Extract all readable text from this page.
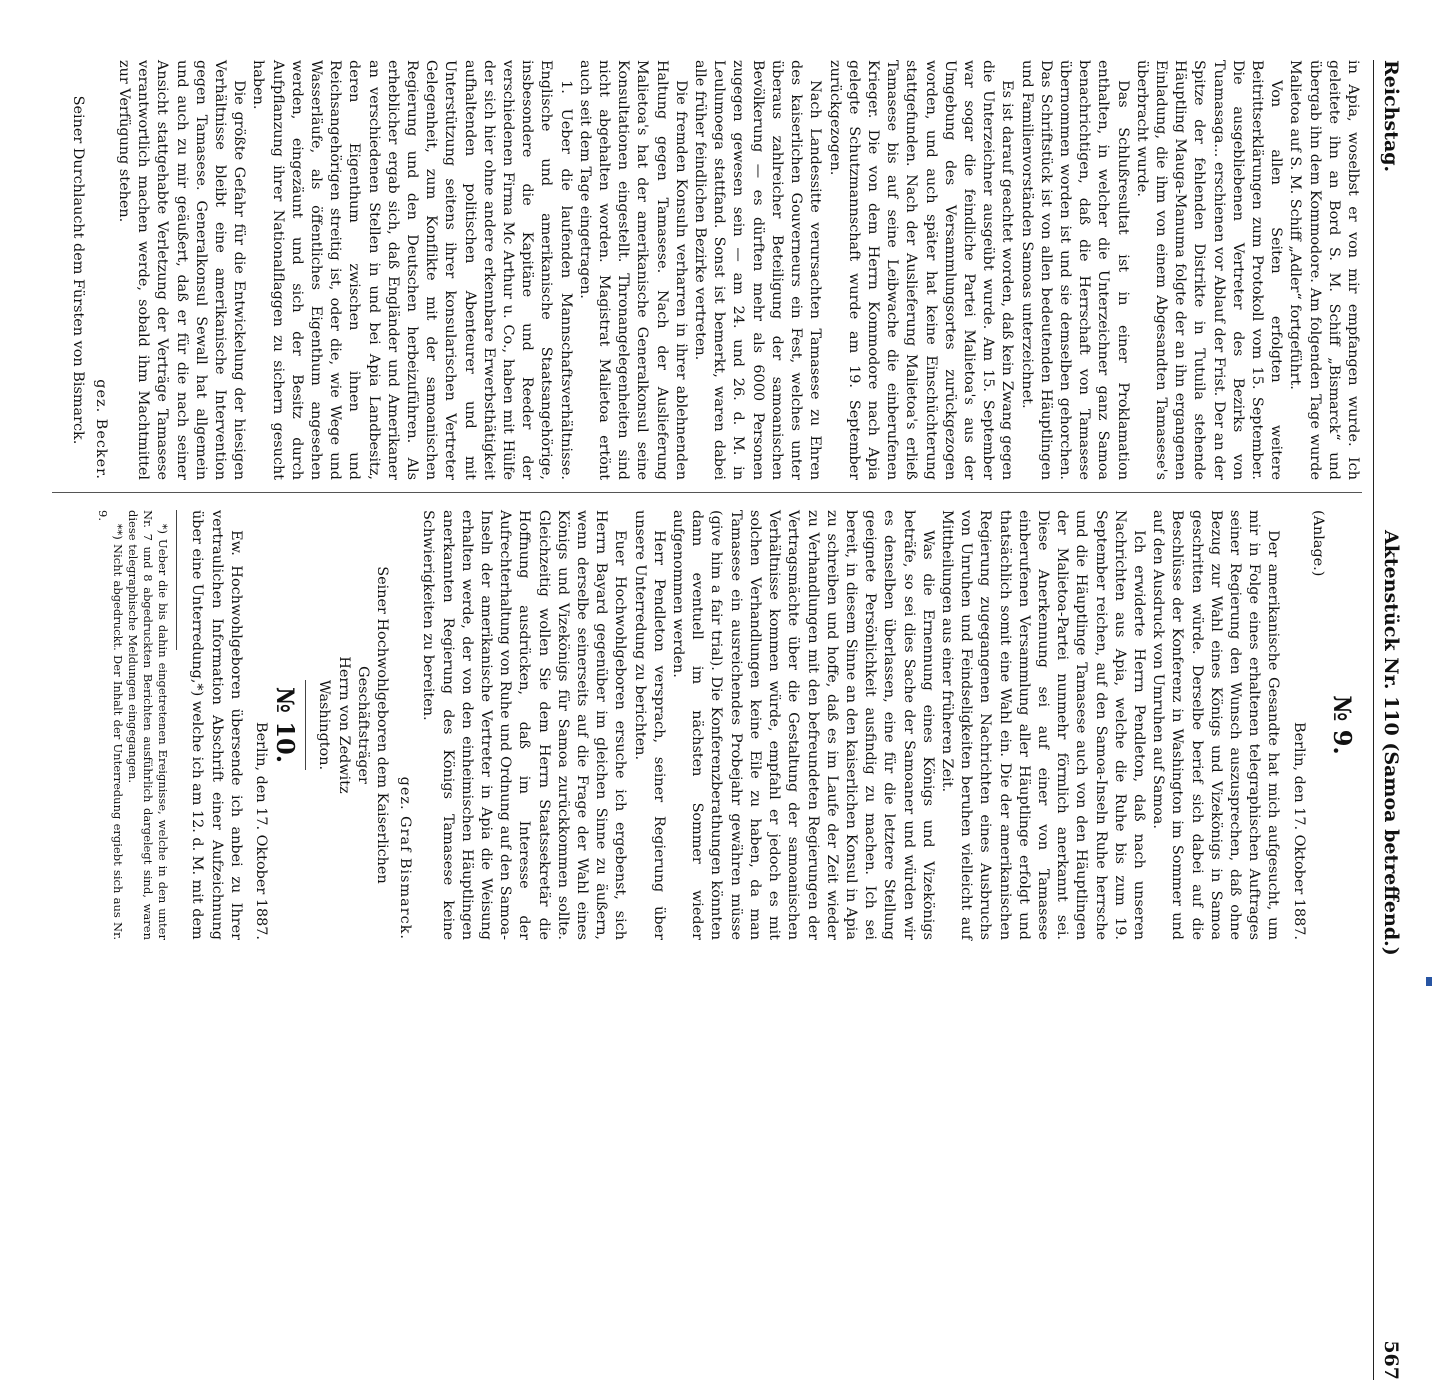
Reichstag.
Aktenstück Nr. 110 (Samoa betreffend.)
567

in Apia, woselbst er von mir empfangen wurde. Ich geleitete ihn an Bord S. M. Schiff „Bismarck“ und übergab ihn dem Kommodore. Am folgenden Tage wurde Malietoa auf S. M. Schiff „Adler“ fortgeführt.

Von allen Seiten erfolgten weitere Beitrittserklärungen zum Protokoll vom 15. September. Die ausgebliebenen Vertreter des Bezirks von Tuamasaga... erschienen vor Ablauf der Frist. Der an der Spitze der fehlenden Distrikte in Tutuila stehende Häuptling Mauga-Manuma folgte der an ihn ergangenen Einladung, die ihm von einem Abgesandten Tamasese's überbracht wurde.

Das Schlußresultat ist in einer Proklamation enthalten, in welcher die Unterzeichner ganz Samoa benachrichtigen, daß die Herrschaft von Tamasese übernommen worden ist und sie demselben gehorchen. Das Schriftstück ist von allen bedeutenden Häuptlingen und Familienvorständen Samoas unterzeichnet.

Es ist darauf geachtet worden, daß kein Zwang gegen die Unterzeichner ausgeübt wurde. Am 15. September war sogar die feindliche Partei Malietoa's aus der Umgebung des Versammlungsortes zurückgezogen worden, und auch später hat keine Einschüchterung stattgefunden. Nach der Auslieferung Malietoa's erließ Tamasese bis auf seine Leibwache die einberufenen Krieger. Die von dem Herrn Kommodore nach Apia gelegte Schutzmannschaft wurde am 19. September zurückgezogen.

Nach Landessitte verursachten Tamasese zu Ehren des kaiserlichen Gouverneurs ein Fest, welches unter überaus zahlreicher Beteiligung der samoanischen Bevölkerung — es dürften mehr als 6000 Personen zugegen gewesen sein — am 24. und 26. d. M. in Leulumoega stattfand. Sonst ist bemerkt, waren dabei alle früher feindlichen Bezirke vertreten.

Die fremden Konsuln verharren in ihrer ablehnenden Haltung gegen Tamasese. Nach der Auslieferung Malietoa's hat der amerikanische Generalkonsul seine Konsultationen eingestellt. Thronangelegenheiten sind nicht abgehalten worden. Magistrat Malietoa ertönt auch seit dem Tage eingetragen.

1. Ueber die laufenden Mannschaftsverhältnisse. Englische und amerikanische Staatsangehörige, insbesondere die Kapitäne und Reeder der verschiedenen Firma Mc Arthur u. Co., haben mit Hülfe der sich hier ohne andere erkennbare Erwerbsthätigkeit aufhaltenden politischen Abenteurer und mit Unterstützung seitens ihrer konsularischen Vertreter Gelegenheit, zum Konflikte mit der samoanischen Regierung und den Deutschen herbeizuführen. Als erheblicher ergab sich, daß Engländer und Amerikaner an verschiedenen Stellen in und bei Apia Landbesitz, deren Eigenthum zwischen ihnen und Reichsangehörigen streitig ist, oder die, wie Wege und Wasserläufe, als öffentliches Eigenthum angesehen werden, eingezäunt und sich der Besitz durch Aufpflanzung ihrer Nationalflaggen zu sichern gesucht haben.

Die größte Gefahr für die Entwickelung der hiesigen Verhältnisse bleibt eine amerikanische Intervention gegen Tamasese. Generalkonsul Sewall hat allgemein und auch zu mir geäußert, daß er für die nach seiner Ansicht stattgehabte Verletzung der Verträge Tamasese verantwortlich machen werde, sobald ihm Machtmittel zur Verfügung stehen.

gez. Becker.

Seiner Durchlaucht dem Fürsten von Bismarck.

№ 9.

(Anlage.)

Berlin, den 17. Oktober 1887.

Der amerikanische Gesandte hat mich aufgesucht, um mir in Folge eines erhaltenen telegraphischen Auftrages seiner Regierung den Wunsch auszusprechen, daß ohne Bezug zur Wahl eines Königs und Vizekönigs in Samoa geschritten würde. Derselbe berief sich dabei auf die Beschlüsse der Konferenz in Washington im Sommer und auf den Ausdruck von Umruhen auf Samoa.

Ich erwiderte Herrn Pendleton, daß nach unseren Nachrichten aus Apia, welche die Ruhe bis zum 19. September reichen, auf den Samoa-Inseln Ruhe herrsche und die Häuptlinge Tamasese auch von den Häuptlingen der Malietoa-Partei nunmehr förmlich anerkannt sei. Diese Anerkennung sei auf einer von Tamasese einberufenen Versammlung aller Häuptlinge erfolgt und thatsächlich somit eine Wahl ein. Die der amerikanischen Regierung zugegangenen Nachrichten eines Ausbruchs von Unruhen und Feindseligkeiten beruhen vielleicht auf Mittheilungen aus einer früheren Zeit.

Was die Ernennung eines Königs und Vizekönigs beträfe, so sei dies Sache der Samoaner und würden wir es denselben überlassen, eine für die letztere Stellung geeignete Persönlichkeit ausfindig zu machen. Ich sei bereit, in diesem Sinne an den kaiserlichen Konsul in Apia zu schreiben und hoffe, daß es im Laufe der Zeit wieder zu Verhandlungen mit den befreundeten Regierungen der Vertragsmächte über die Gestaltung der samoanischen Verhältnisse kommen würde, empfahl er jedoch es mit solchen Verhandlungen keine Eile zu haben, da man Tamasese ein ausreichendes Probejahr gewähren müsse (give him a fair trial). Die Konferenzberathungen könnten dann eventuell im nächsten Sommer wieder aufgenommen werden.

Herr Pendleton versprach, seiner Regierung über unsere Unterredung zu berichten.

Euer Hochwohlgeboren ersuche ich ergebenst, sich Herrn Bayard gegenüber im gleichen Sinne zu äußern, wenn derselbe seinerseits auf die Frage der Wahl eines Königs und Vizekönigs für Samoa zurückkommen sollte. Gleichzeitig wollen Sie dem Herrn Staatssekretär die Hoffnung ausdrücken, daß im Interesse der Aufrechterhaltung von Ruhe und Ordnung auf den Samoa-Inseln der amerikanische Vertreter in Apia die Weisung erhalten werde, der von den einheimischen Häuptlingen anerkannten Regierung des Königs Tamasese keine Schwierigkeiten zu bereiten.

gez. Graf Bismarck.

Seiner Hochwohlgeboren dem Kaiserlichen Geschäftsträger

Herrn von Zedwitz

Washington.

№ 10.
Berlin, den 17. Oktober 1887.

Ew. Hochwohlgeboren übersende ich anbei zu Ihrer vertraulichen Information Abschrift einer Aufzeichnung über eine Unterredung,*) welche ich am 12. d. M. mit dem

*) Ueber die bis dahin eingetretenen Ereignisse, welche in den unter Nr. 7 und 8 abgedruckten Berichten ausführlich dargelegt sind, waren diese telegraphische Meldungen eingegangen.

**) Nicht abgedruckt. Der Inhalt der Unterredung ergiebt sich aus Nr. 9.
